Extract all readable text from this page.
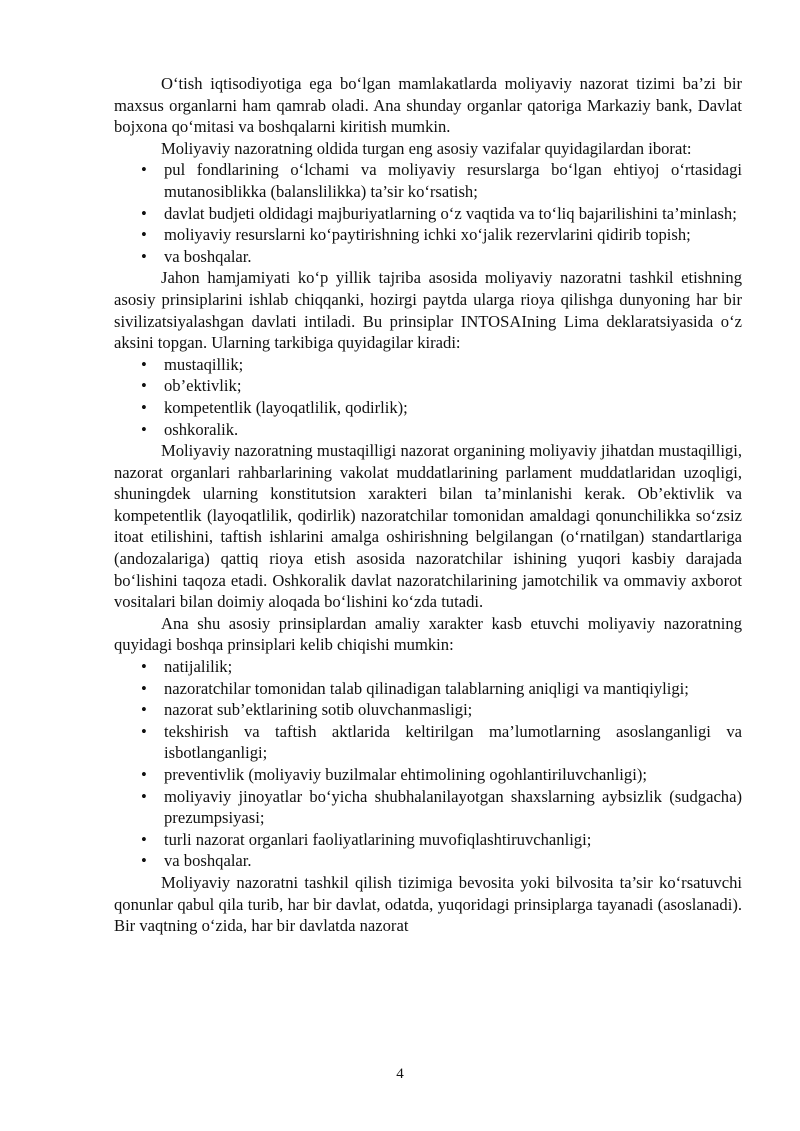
O‘tish iqtisodiyotiga ega bo‘lgan mamlakatlarda moliyaviy nazorat tizimi ba’zi bir maxsus organlarni ham qamrab oladi. Ana shunday organlar qatoriga Markaziy bank, Davlat bojxona qo‘mitasi va boshqalarni kiritish mumkin.

Moliyaviy nazoratning oldida turgan eng asosiy vazifalar quyidagilardan iborat:

• pul fondlarining o‘lchami va moliyaviy resurslarga bo‘lgan ehtiyoj o‘rtasidagi mutanosiblikka (balanslilikka) ta’sir ko‘rsatish;
• davlat budjeti oldidagi majburiyatlarning o‘z vaqtida va to‘liq bajarilishini ta’minlash;
• moliyaviy resurslarni ko‘paytirishning ichki xo‘jalik rezervlarini qidirib topish;
• va boshqalar.

Jahon hamjamiyati ko‘p yillik tajriba asosida moliyaviy nazoratni tashkil etishning asosiy prinsiplarini ishlab chiqqanki, hozirgi paytda ularga rioya qilishga dunyoning har bir sivilizatsiyalashgan davlati intiladi. Bu prinsiplar INTOSAIning Lima deklaratsiyasida o‘z aksini topgan. Ularning tarkibiga quyidagilar kiradi:

• mustaqillik;
• ob’ektivlik;
• kompetentlik (layoqatlilik, qodirlik);
• oshkoralik.

Moliyaviy nazoratning mustaqilligi nazorat organining moliyaviy jihatdan mustaqilligi, nazorat organlari rahbarlarining vakolat muddatlarining parlament muddatlaridan uzoqligi, shuningdek ularning konstitutsion xarakteri bilan ta’minlanishi kerak. Ob’ektivlik va kompetentlik (layoqatlilik, qodirlik) nazoratchilar tomonidan amaldagi qonunchilikka so‘zsiz itoat etilishini, taftish ishlarini amalga oshirishning belgilangan (o‘rnatilgan) standartlariga (andozalariga) qattiq rioya etish asosida nazoratchilar ishining yuqori kasbiy darajada bo‘lishini taqoza etadi. Oshkoralik davlat nazoratchilarining jamotchilik va ommaviy axborot vositalari bilan doimiy aloqada bo‘lishini ko‘zda tutadi.

Ana shu asosiy prinsiplardan amaliy xarakter kasb etuvchi moliyaviy nazoratning quyidagi boshqa prinsiplari kelib chiqishi mumkin:

• natijalilik;
• nazoratchilar tomonidan talab qilinadigan talablarning aniqligi va mantiqiyligi;
• nazorat sub’ektlarining sotib oluvchanmasligi;
• tekshirish va taftish aktlarida keltirilgan ma’lumotlarning asoslanganligi va isbotlanganligi;
• preventivlik (moliyaviy buzilmalar ehtimolining ogohlantiriluvchanligi);
• moliyaviy jinoyatlar bo‘yicha shubhalanilayotgan shaxslarning aybsizlik (sudgacha) prezumpsiyasi;
• turli nazorat organlari faoliyatlarining muvofiqlashtiruvchanligi;
• va boshqalar.

Moliyaviy nazoratni tashkil qilish tizimiga bevosita yoki bilvosita ta’sir ko‘rsatuvchi qonunlar qabul qila turib, har bir davlat, odatda, yuqoridagi prinsiplarga tayanadi (asoslanadi). Bir vaqtning o‘zida, har bir davlatda nazorat

4
